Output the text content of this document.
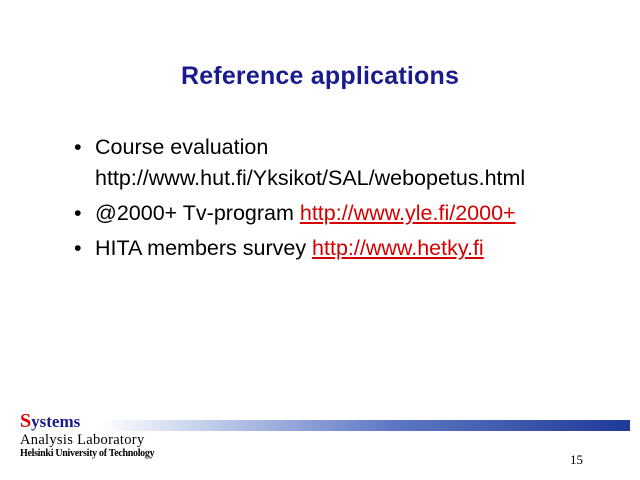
Reference applications
• Course evaluation
http://www.hut.fi/Yksikot/SAL/webopetus.html
• @2000+ Tv-program http://www.yle.fi/2000+
• HITA members survey http://www.hetky.fi
Systems
Analysis Laboratory
Helsinki University of Technology	15
